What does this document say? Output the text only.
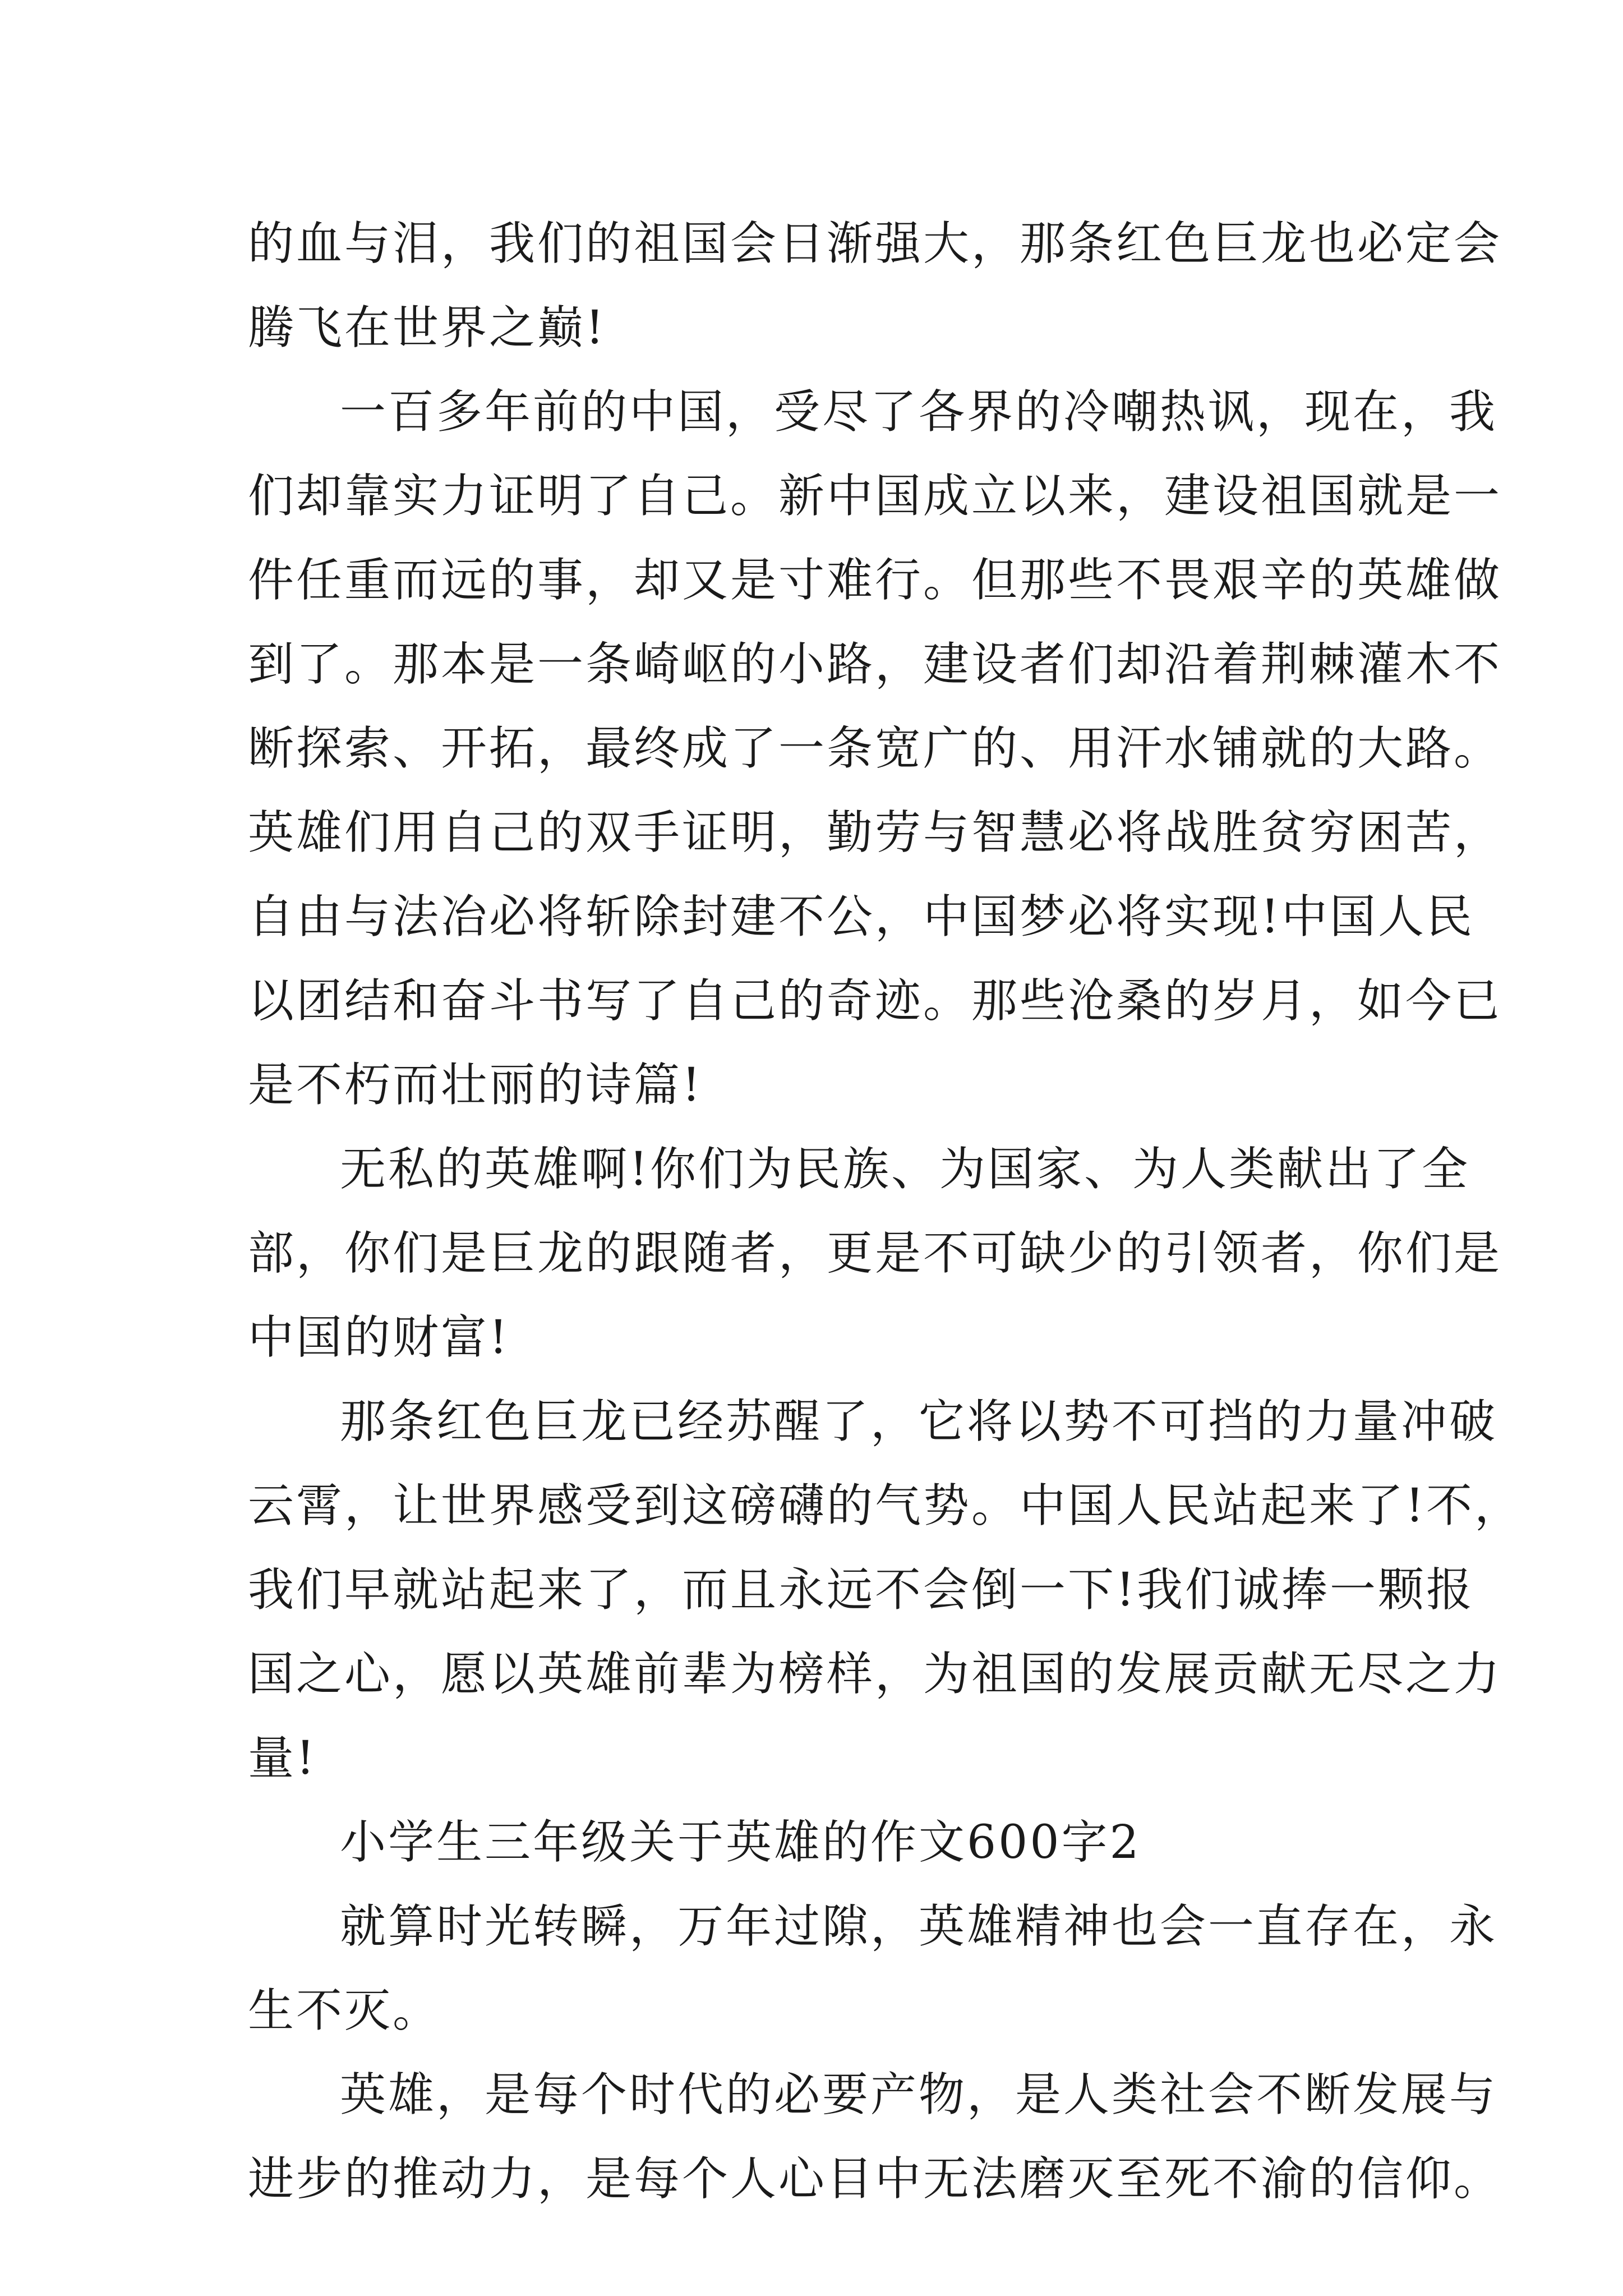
的血与泪，我们的祖国会日渐强大，那条红色巨龙也必定会
腾飞在世界之巅!
一百多年前的中国，受尽了各界的冷嘲热讽，现在，我
们却靠实力证明了自己。新中国成立以来，建设祖国就是一
件任重而远的事，却又是寸难行。但那些不畏艰辛的英雄做
到了。那本是一条崎岖的小路，建设者们却沿着荆棘灌木不
断探索、开拓，最终成了一条宽广的、用汗水铺就的大路。
英雄们用自己的双手证明，勤劳与智慧必将战胜贫穷困苦，
自由与法冶必将斩除封建不公，中国梦必将实现!中国人民
以团结和奋斗书写了自己的奇迹。那些沧桑的岁月，如今已
是不朽而壮丽的诗篇!
无私的英雄啊!你们为民族、为国家、为人类献出了全
部，你们是巨龙的跟随者，更是不可缺少的引领者，你们是
中国的财富!
那条红色巨龙已经苏醒了，它将以势不可挡的力量冲破
云霄，让世界感受到这磅礴的气势。中国人民站起来了!不，
我们早就站起来了，而且永远不会倒一下!我们诚捧一颗报
国之心，愿以英雄前辈为榜样，为祖国的发展贡献无尽之力
量!
小学生三年级关于英雄的作文600字2
就算时光转瞬，万年过隙，英雄精神也会一直存在，永
生不灭。
英雄，是每个时代的必要产物，是人类社会不断发展与
进步的推动力，是每个人心目中无法磨灭至死不渝的信仰。
